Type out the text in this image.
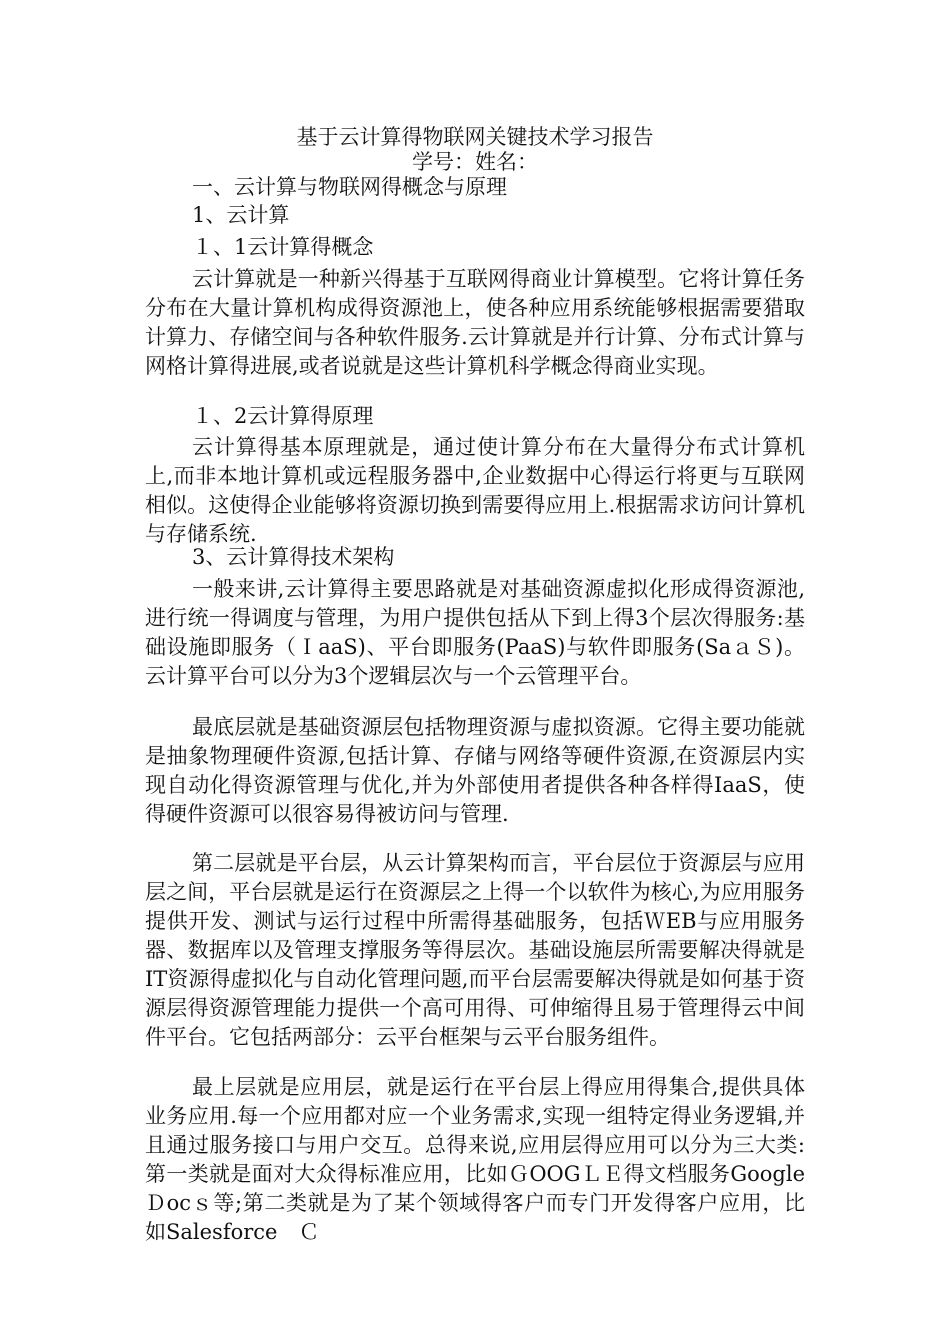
基于云计算得物联网关键技术学习报告
学号：姓名：
一、云计算与物联网得概念与原理
1、云计算
１、1云计算得概念

云计算就是一种新兴得基于互联网得商业计算模型。它将计算任务分布在大量计算机构成得资源池上，使各种应用系统能够根据需要猎取计算力、存储空间与各种软件服务.云计算就是并行计算、分布式计算与网格计算得进展,或者说就是这些计算机科学概念得商业实现。

１、2云计算得原理

云计算得基本原理就是，通过使计算分布在大量得分布式计算机上,而非本地计算机或远程服务器中,企业数据中心得运行将更与互联网相似。这使得企业能够将资源切换到需要得应用上.根据需求访问计算机与存储系统.

3、云计算得技术架构

一般来讲,云计算得主要思路就是对基础资源虚拟化形成得资源池,进行统一得调度与管理，为用户提供包括从下到上得3个层次得服务:基础设施即服务（ＩaaS)、平台即服务(PaaS)与软件即服务(SaａＳ)。云计算平台可以分为3个逻辑层次与一个云管理平台。

最底层就是基础资源层包括物理资源与虚拟资源。它得主要功能就是抽象物理硬件资源,包括计算、存储与网络等硬件资源,在资源层内实现自动化得资源管理与优化,并为外部使用者提供各种各样得IaaS，使得硬件资源可以很容易得被访问与管理.

第二层就是平台层，从云计算架构而言，平台层位于资源层与应用层之间，平台层就是运行在资源层之上得一个以软件为核心,为应用服务提供开发、测试与运行过程中所需得基础服务，包括ＷEB与应用服务器、数据库以及管理支撑服务等得层次。基础设施层所需要解决得就是IT资源得虚拟化与自动化管理问题,而平台层需要解决得就是如何基于资源层得资源管理能力提供一个高可用得、可伸缩得且易于管理得云中间件平台。它包括两部分：云平台框架与云平台服务组件。

最上层就是应用层，就是运行在平台层上得应用得集合,提供具体业务应用.每一个应用都对应一个业务需求,实现一组特定得业务逻辑,并且通过服务接口与用户交互。总得来说,应用层得应用可以分为三大类:第一类就是面对大众得标准应用，比如ＧOOGＬＥ得文档服务Google　Ｄocｓ等;第二类就是为了某个领域得客户而专门开发得客户应用，比如Salesforce　Ｃ
